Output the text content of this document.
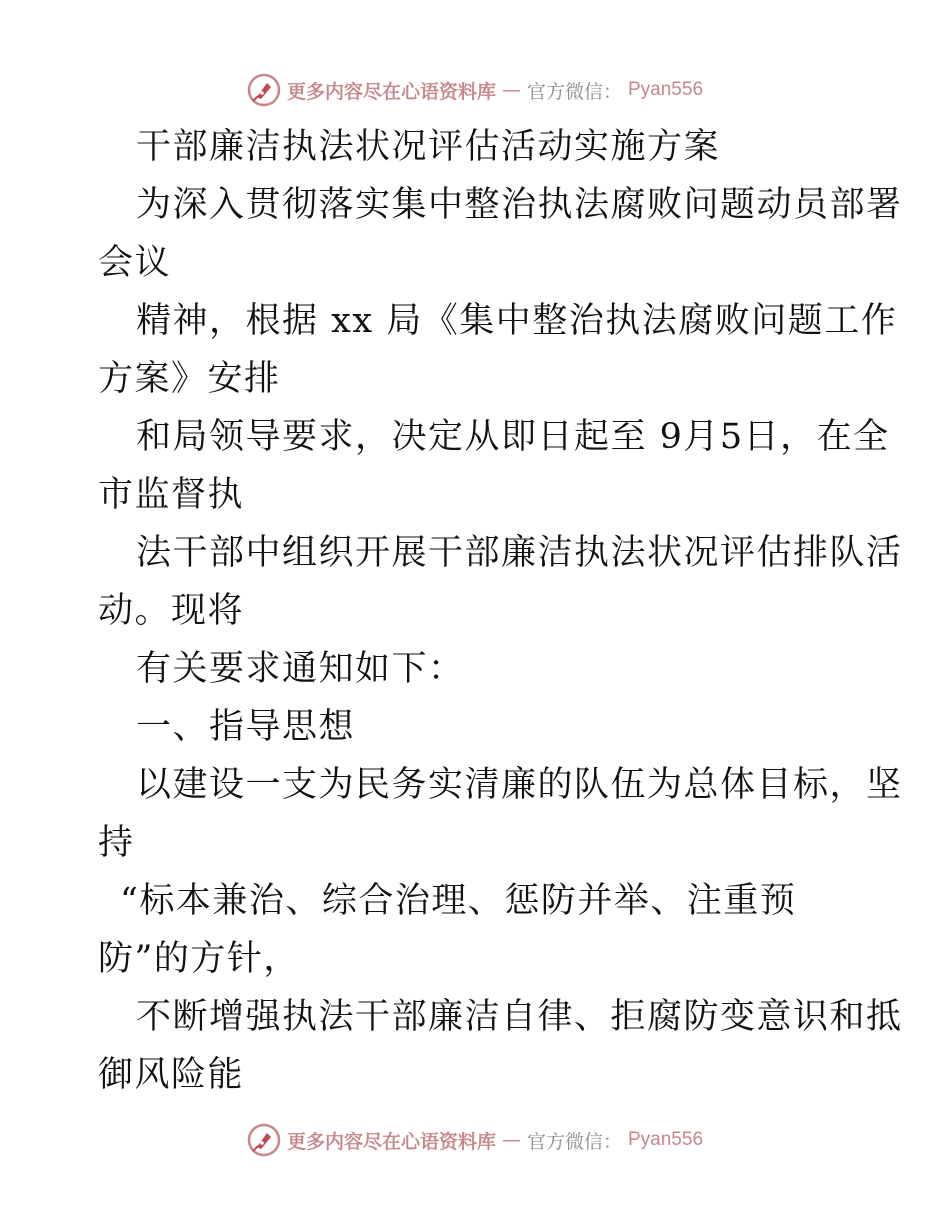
更多内容尽在心语资料库 — 官方微信： Pyan556
干部廉洁执法状况评估活动实施方案
为深入贯彻落实集中整治执法腐败问题动员部署
会议
精神，根据 xx 局《集中整治执法腐败问题工作
方案》安排
和局领导要求，决定从即日起至 9月5日，在全
市监督执
法干部中组织开展干部廉洁执法状况评估排队活
动。现将
有关要求通知如下：
一、指导思想
以建设一支为民务实清廉的队伍为总体目标，坚
持
“标本兼治、综合治理、惩防并举、注重预
防”的方针，
不断增强执法干部廉洁自律、拒腐防变意识和抵
御风险能
更多内容尽在心语资料库 — 官方微信： Pyan556
